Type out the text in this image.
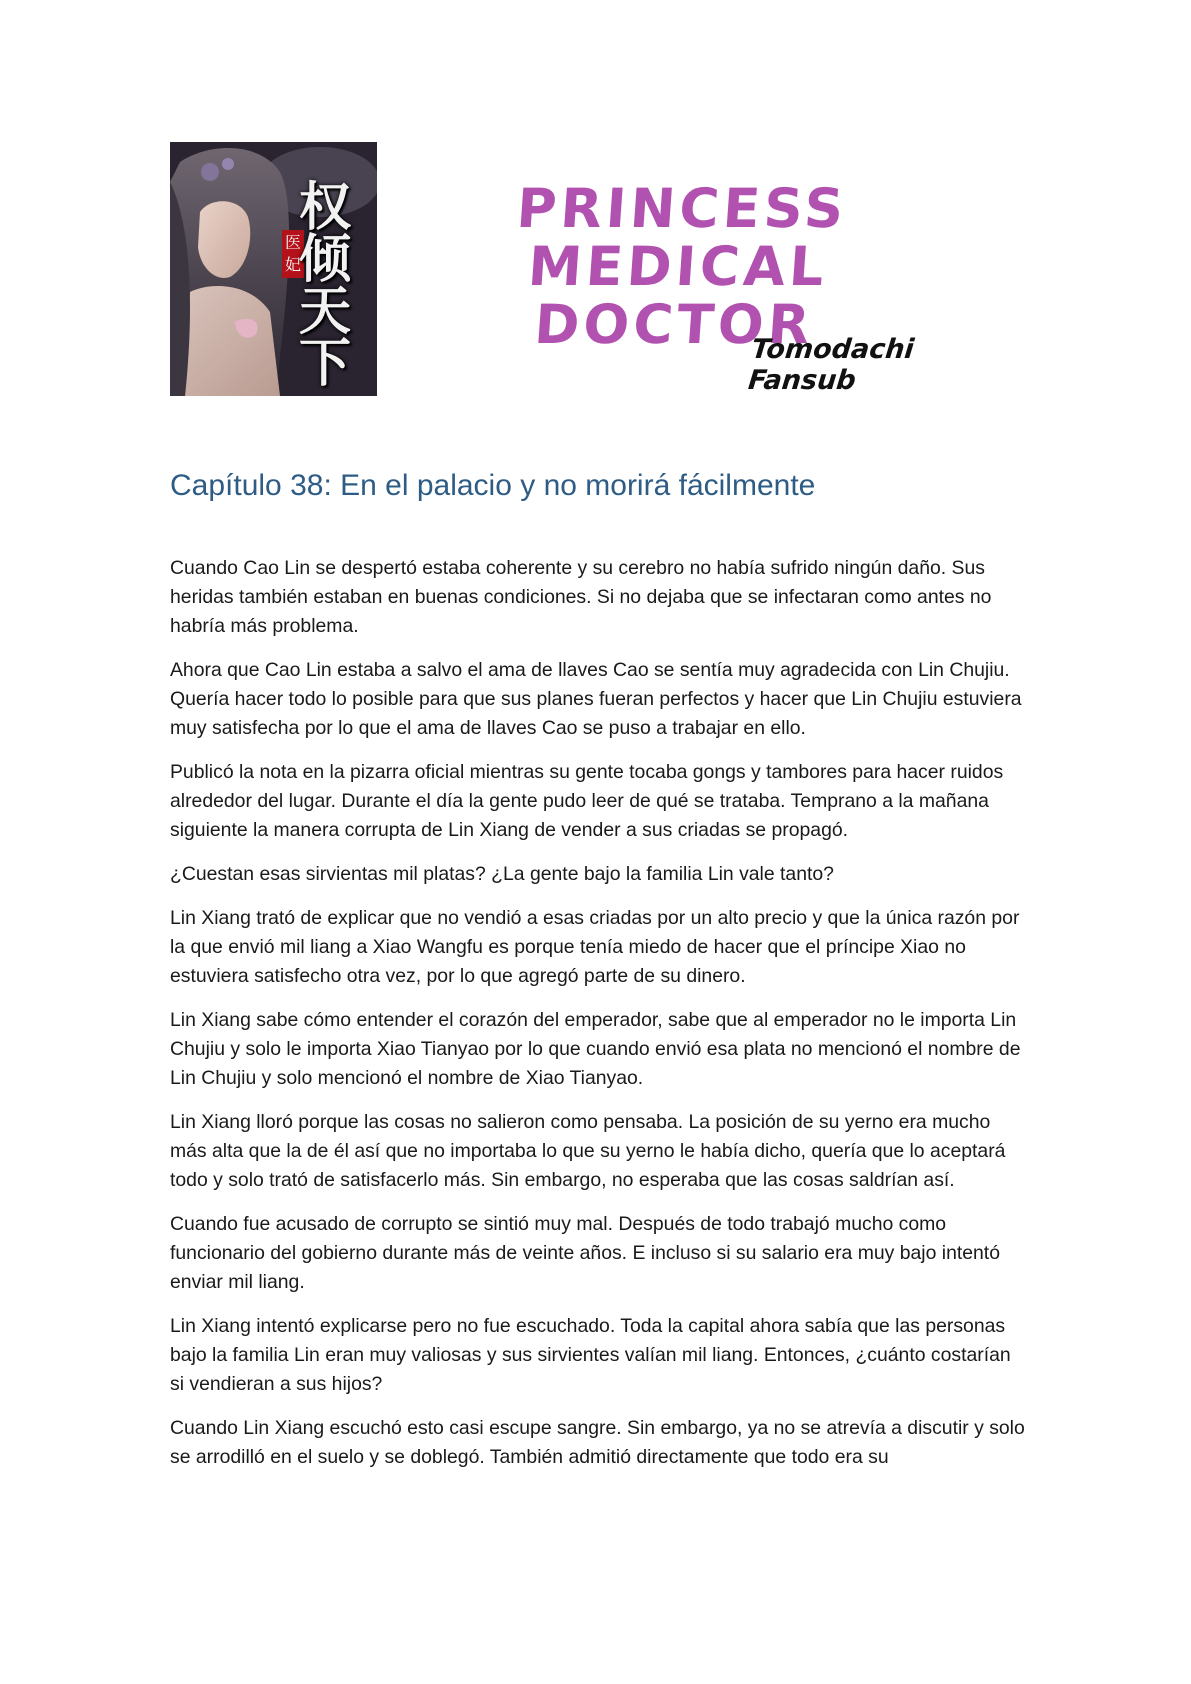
医
妃
权
倾
天
下
PRINCESS
MEDICAL DOCTOR
Tomodachi Fansub
Capítulo 38: En el palacio y no morirá fácilmente

Cuando Cao Lin se despertó estaba coherente y su cerebro no había sufrido ningún daño. Sus heridas también estaban en buenas condiciones. Si no dejaba que se infectaran como antes no habría más problema.

Ahora que Cao Lin estaba a salvo el ama de llaves Cao se sentía muy agradecida con Lin Chujiu. Quería hacer todo lo posible para que sus planes fueran perfectos y hacer que Lin Chujiu estuviera muy satisfecha por lo que el ama de llaves Cao se puso a trabajar en ello.

Publicó la nota en la pizarra oficial mientras su gente tocaba gongs y tambores para hacer ruidos alrededor del lugar. Durante el día la gente pudo leer de qué se trataba. Temprano a la mañana siguiente la manera corrupta de Lin Xiang de vender a sus criadas se propagó.

¿Cuestan esas sirvientas mil platas? ¿La gente bajo la familia Lin vale tanto?

Lin Xiang trató de explicar que no vendió a esas criadas por un alto precio y que la única razón por la que envió mil liang a Xiao Wangfu es porque tenía miedo de hacer que el príncipe Xiao no estuviera satisfecho otra vez, por lo que agregó parte de su dinero.

Lin Xiang sabe cómo entender el corazón del emperador, sabe que al emperador no le importa Lin Chujiu y solo le importa Xiao Tianyao por lo que cuando envió esa plata no mencionó el nombre de Lin Chujiu y solo mencionó el nombre de Xiao Tianyao.

Lin Xiang lloró porque las cosas no salieron como pensaba. La posición de su yerno era mucho más alta que la de él así que no importaba lo que su yerno le había dicho, quería que lo aceptará todo y solo trató de satisfacerlo más. Sin embargo, no esperaba que las cosas saldrían así.

Cuando fue acusado de corrupto se sintió muy mal. Después de todo trabajó mucho como funcionario del gobierno durante más de veinte años. E incluso si su salario era muy bajo intentó enviar mil liang.

Lin Xiang intentó explicarse pero no fue escuchado. Toda la capital ahora sabía que las personas bajo la familia Lin eran muy valiosas y sus sirvientes valían mil liang. Entonces, ¿cuánto costarían si vendieran a sus hijos?

Cuando Lin Xiang escuchó esto casi escupe sangre. Sin embargo, ya no se atrevía a discutir y solo se arrodilló en el suelo y se doblegó. También admitió directamente que todo era su
